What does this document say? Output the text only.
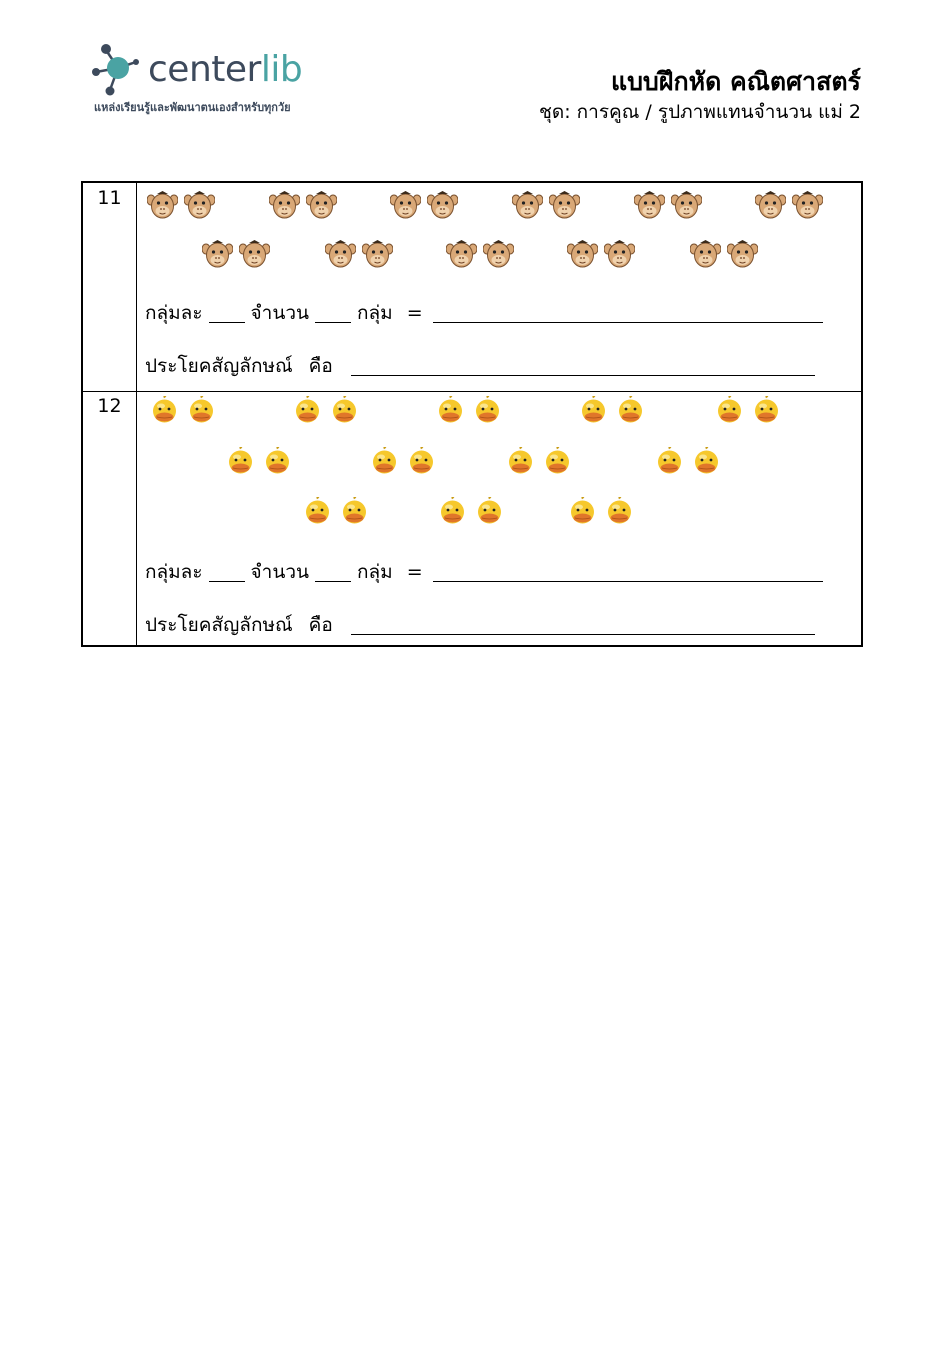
centerlib
แหล่งเรียนรู้และพัฒนาตนเองสำหรับทุกวัย
แบบฝึกหัด คณิตศาสตร์
ชุด: การคูณ / รูปภาพแทนจำนวน แม่ 2
11
กลุ่มละ	จำนวน	กลุ่ม =
ประโยคสัญลักษณ์ คือ
12
กลุ่มละ	จำนวน	กลุ่ม =
ประโยคสัญลักษณ์ คือ
